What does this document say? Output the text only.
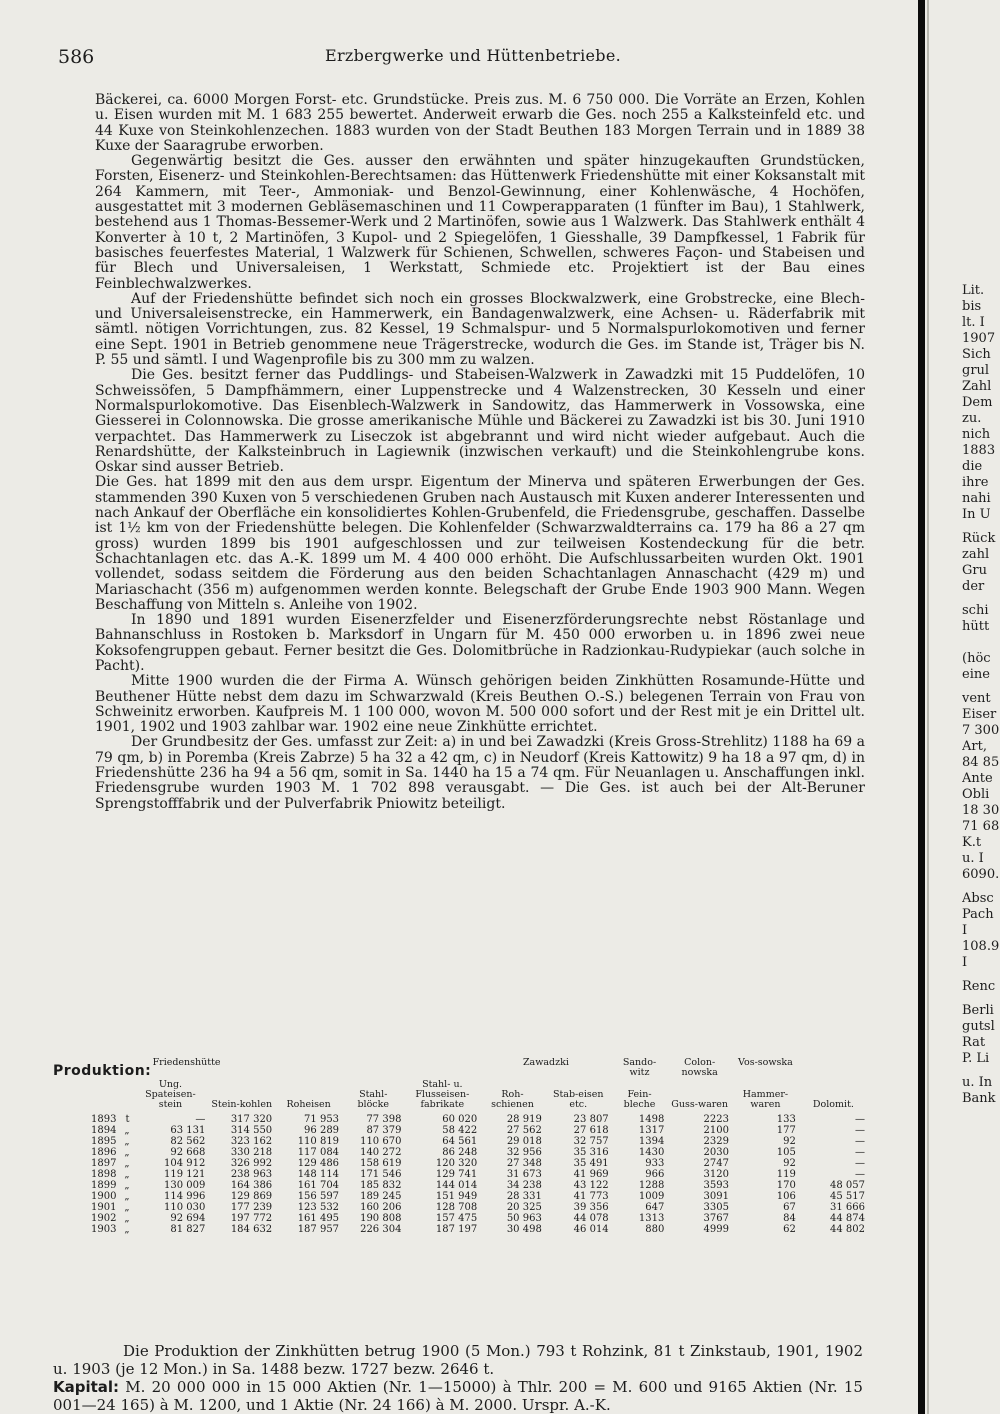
586	Erzbergwerke und Hüttenbetriebe.

Bäckerei, ca. 6000 Morgen Forst- etc. Grundstücke. Preis zus. M. 6 750 000. Die Vorräte an Erzen, Kohlen u. Eisen wurden mit M. 1 683 255 bewertet. Anderweit erwarb die Ges. noch 255 a Kalksteinfeld etc. und 44 Kuxe von Steinkohlenzechen. 1883 wurden von der Stadt Beuthen 183 Morgen Terrain und in 1889 38 Kuxe der Saaragrube erworben.

Gegenwärtig besitzt die Ges. ausser den erwähnten und später hinzugekauften Grundstücken, Forsten, Eisenerz- und Steinkohlen-Berechtsamen: das Hüttenwerk Friedenshütte mit einer Koksanstalt mit 264 Kammern, mit Teer-, Ammoniak- und Benzol-Gewinnung, einer Kohlenwäsche, 4 Hochöfen, ausgestattet mit 3 modernen Gebläsemaschinen und 11 Cowperapparaten (1 fünfter im Bau), 1 Stahlwerk, bestehend aus 1 Thomas-Bessemer-Werk und 2 Martinöfen, sowie aus 1 Walzwerk. Das Stahlwerk enthält 4 Konverter à 10 t, 2 Martinöfen, 3 Kupol- und 2 Spiegelöfen, 1 Giesshalle, 39 Dampfkessel, 1 Fabrik für basisches feuerfestes Material, 1 Walzwerk für Schienen, Schwellen, schweres Façon- und Stabeisen und für Blech und Universaleisen, 1 Werkstatt, Schmiede etc. Projektiert ist der Bau eines Feinblechwalzwerkes.

Auf der Friedenshütte befindet sich noch ein grosses Blockwalzwerk, eine Grobstrecke, eine Blech- und Universaleisenstrecke, ein Hammerwerk, ein Bandagenwalzwerk, eine Achsen- u. Räderfabrik mit sämtl. nötigen Vorrichtungen, zus. 82 Kessel, 19 Schmalspur- und 5 Normalspurlokomotiven und ferner eine Sept. 1901 in Betrieb genommene neue Trägerstrecke, wodurch die Ges. im Stande ist, Träger bis N. P. 55 und sämtl. I und Wagenprofile bis zu 300 mm zu walzen.

Die Ges. besitzt ferner das Puddlings- und Stabeisen-Walzwerk in Zawadzki mit 15 Puddelöfen, 10 Schweissöfen, 5 Dampfhämmern, einer Luppenstrecke und 4 Walzenstrecken, 30 Kesseln und einer Normalspurlokomotive. Das Eisenblech-Walzwerk in Sandowitz, das Hammerwerk in Vossowska, eine Giesserei in Colonnowska. Die grosse amerikanische Mühle und Bäckerei zu Zawadzki ist bis 30. Juni 1910 verpachtet. Das Hammerwerk zu Liseczok ist abgebrannt und wird nicht wieder aufgebaut. Auch die Renardshütte, der Kalksteinbruch in Lagiewnik (inzwischen verkauft) und die Steinkohlengrube kons. Oskar sind ausser Betrieb.

Die Ges. hat 1899 mit den aus dem urspr. Eigentum der Minerva und späteren Erwerbungen der Ges. stammenden 390 Kuxen von 5 verschiedenen Gruben nach Austausch mit Kuxen anderer Interessenten und nach Ankauf der Oberfläche ein konsolidiertes Kohlen-Grubenfeld, die Friedensgrube, geschaffen. Dasselbe ist 1½ km von der Friedenshütte belegen. Die Kohlenfelder (Schwarzwaldterrains ca. 179 ha 86 a 27 qm gross) wurden 1899 bis 1901 aufgeschlossen und zur teilweisen Kostendeckung für die betr. Schachtanlagen etc. das A.-K. 1899 um M. 4 400 000 erhöht. Die Aufschlussarbeiten wurden Okt. 1901 vollendet, sodass seitdem die Förderung aus den beiden Schachtanlagen Annaschacht (429 m) und Mariaschacht (356 m) aufgenommen werden konnte. Belegschaft der Grube Ende 1903 900 Mann. Wegen Beschaffung von Mitteln s. Anleihe von 1902.

In 1890 und 1891 wurden Eisenerzfelder und Eisenerzförderungsrechte nebst Röstanlage und Bahnanschluss in Rostoken b. Marksdorf in Ungarn für M. 450 000 erworben u. in 1896 zwei neue Koksofengruppen gebaut. Ferner besitzt die Ges. Dolomitbrüche in Radzionkau-Rudypiekar (auch solche in Pacht).

Mitte 1900 wurden die der Firma A. Wünsch gehörigen beiden Zinkhütten Rosamunde-Hütte und Beuthener Hütte nebst dem dazu im Schwarzwald (Kreis Beuthen O.-S.) belegenen Terrain von Frau von Schweinitz erworben. Kaufpreis M. 1 100 000, wovon M. 500 000 sofort und der Rest mit je ein Drittel ult. 1901, 1902 und 1903 zahlbar war. 1902 eine neue Zinkhütte errichtet.

Der Grundbesitz der Ges. umfasst zur Zeit: a) in und bei Zawadzki (Kreis Gross-Strehlitz) 1188 ha 69 a 79 qm, b) in Poremba (Kreis Zabrze) 5 ha 32 a 42 qm, c) in Neudorf (Kreis Kattowitz) 9 ha 18 a 97 qm, d) in Friedenshütte 236 ha 94 a 56 qm, somit in Sa. 1440 ha 15 a 74 qm. Für Neuanlagen u. Anschaffungen inkl. Friedensgrube wurden 1903 M. 1 702 898 verausgabt. — Die Ges. ist auch bei der Alt-Beruner Sprengstofffabrik und der Pulverfabrik Pniowitz beteiligt.

Lit.
bis
lt. I
1907
Sich
grul
Zahl
Dem
zu.
nich
1883
die
ihre
nahi
In U
Rück
zahl
Gru
der
schi
hütt
(höc
eine
vent
Eiser
7 300
Art,
84 85
Ante
Obli
18 30
71 68
K.t
u. I
6090.
Absc
Pach
I
108.9
I
Renc
Berli
gutsl
Rat
P. Li
u. In
Bank
Produktion:
	Friedenshütte					Zawadzki		Sando-witz	Colon-nowska	Vos-sowska	
	Ung. Spateisen-stein	Stein-kohlen	Roheisen	Stahl-blöcke	Stahl- u. Flusseisen-fabrikate	Roh-schienen	Stab-eisen etc.	Fein-bleche	Guss-waren	Hammer-waren	Dolomit.
1893 t	—	317 320	71 953	77 398	60 020	28 919	23 807	1498	2223	133	—
1894 „	63 131	314 550	96 289	87 379	58 422	27 562	27 618	1317	2100	177	—
1895 „	82 562	323 162	110 819	110 670	64 561	29 018	32 757	1394	2329	92	—
1896 „	92 668	330 218	117 084	140 272	86 248	32 956	35 316	1430	2030	105	—
1897 „	104 912	326 992	129 486	158 619	120 320	27 348	35 491	933	2747	92	—
1898 „	119 121	238 963	148 114	171 546	129 741	31 673	41 969	966	3120	119	—
1899 „	130 009	164 386	161 704	185 832	144 014	34 238	43 122	1288	3593	170	48 057
1900 „	114 996	129 869	156 597	189 245	151 949	28 331	41 773	1009	3091	106	45 517
1901 „	110 030	177 239	123 532	160 206	128 708	20 325	39 356	647	3305	67	31 666
1902 „	92 694	197 772	161 495	190 808	157 475	50 963	44 078	1313	3767	84	44 874
1903 „	81 827	184 632	187 957	226 304	187 197	30 498	46 014	880	4999	62	44 802

Die Produktion der Zinkhütten betrug 1900 (5 Mon.) 793 t Rohzink, 81 t Zinkstaub, 1901, 1902 u. 1903 (je 12 Mon.) in Sa. 1488 bezw. 1727 bezw. 2646 t.

Kapital: M. 20 000 000 in 15 000 Aktien (Nr. 1—15000) à Thlr. 200 = M. 600 und 9165 Aktien (Nr. 15 001—24 165) à M. 1200, und 1 Aktie (Nr. 24 166) à M. 2000. Urspr. A.-K.
